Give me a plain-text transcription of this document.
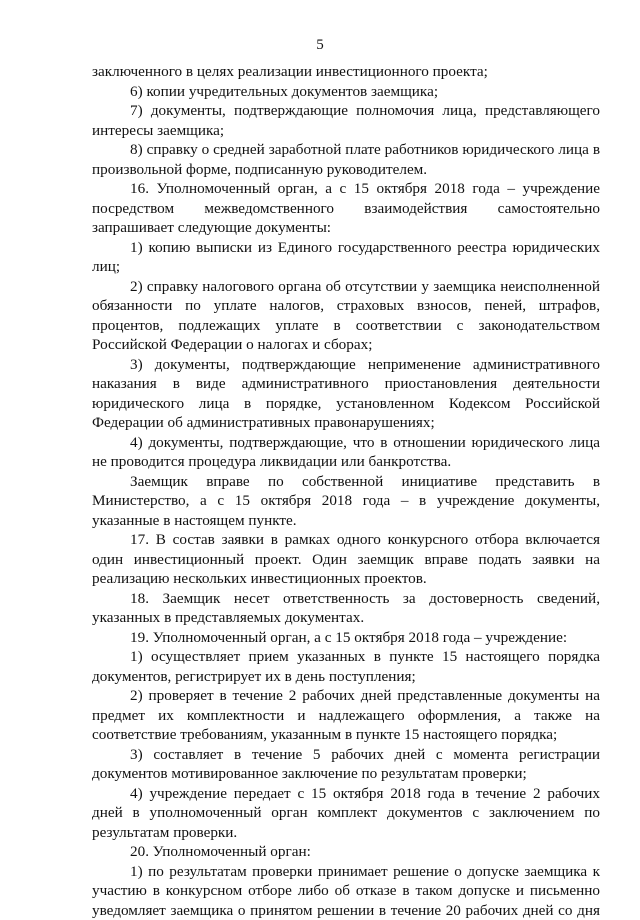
5

заключенного в целях реализации инвестиционного проекта;

6) копии учредительных документов заемщика;

7) документы, подтверждающие полномочия лица, представляющего интересы заемщика;

8) справку о средней заработной плате работников юридического лица в произвольной форме, подписанную руководителем.

16. Уполномоченный орган, а с 15 октября 2018 года – учреждение посредством межведомственного взаимодействия самостоятельно запрашивает следующие документы:

1) копию выписки из Единого государственного реестра юридических лиц;

2) справку налогового органа об отсутствии у заемщика неисполненной обязанности по уплате налогов, страховых взносов, пеней, штрафов, процентов, подлежащих уплате в соответствии с законодательством Российской Федерации о налогах и сборах;

3) документы, подтверждающие неприменение административного наказания в виде административного приостановления деятельности юридического лица в порядке, установленном Кодексом Российской Федерации об административных правонарушениях;

4) документы, подтверждающие, что в отношении юридического лица не проводится процедура ликвидации или банкротства.

Заемщик вправе по собственной инициативе представить в Министерство, а с 15 октября 2018 года – в учреждение документы, указанные в настоящем пункте.

17. В состав заявки в рамках одного конкурсного отбора включается один инвестиционный проект. Один заемщик вправе подать заявки на реализацию нескольких инвестиционных проектов.

18. Заемщик несет ответственность за достоверность сведений, указанных в представляемых документах.

19. Уполномоченный орган, а с 15 октября 2018 года – учреждение:

1) осуществляет прием указанных в пункте 15 настоящего порядка документов, регистрирует их в день поступления;

2) проверяет в течение 2 рабочих дней представленные документы на предмет их комплектности и надлежащего оформления, а также на соответствие требованиям, указанным в пункте 15 настоящего порядка;

3) составляет в течение 5 рабочих дней с момента регистрации документов мотивированное заключение по результатам проверки;

4) учреждение передает с 15 октября 2018 года в течение 2 рабочих дней в уполномоченный орган комплект документов с заключением по результатам проверки.

20. Уполномоченный орган:

1) по результатам проверки принимает решение о допуске заемщика к участию в конкурсном отборе либо об отказе в таком допуске и письменно уведомляет заемщика о принятом решении в течение 20 рабочих дней со дня
